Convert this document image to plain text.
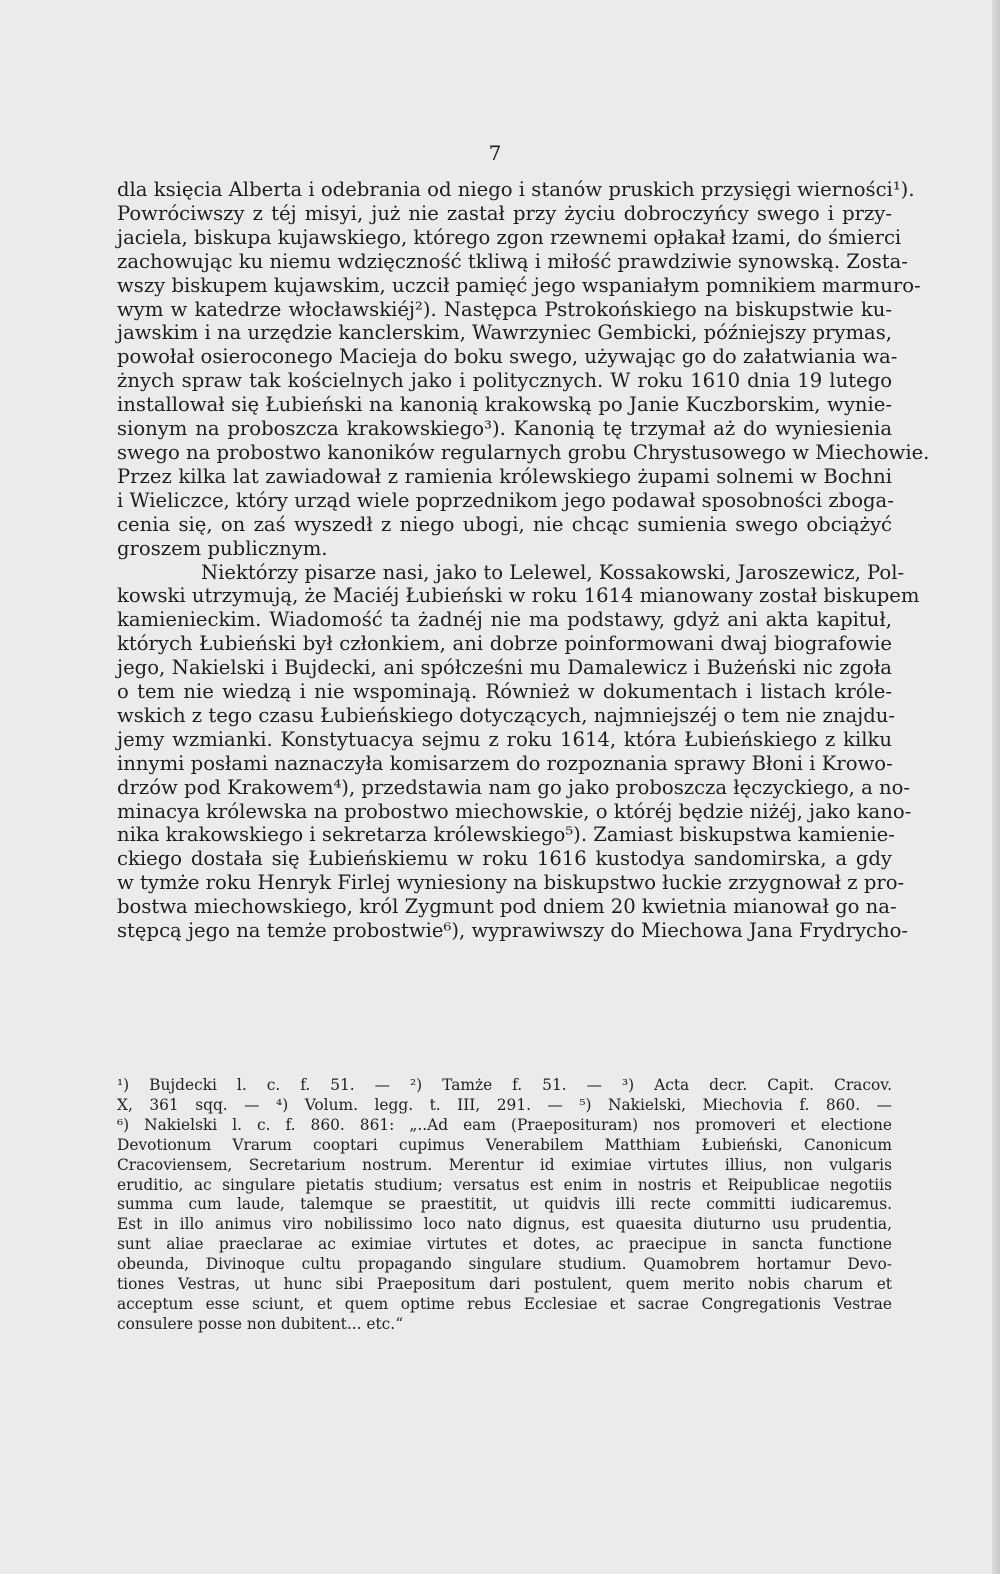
7
dla księcia Alberta i odebrania od niego i stanów pruskich przysięgi wierności¹).
Powróciwszy z téj misyi, już nie zastał przy życiu dobroczyńcy swego i przy-
jaciela, biskupa kujawskiego, którego zgon rzewnemi opłakał łzami, do śmierci
zachowując ku niemu wdzięczność tkliwą i miłość prawdziwie synowską. Zosta-
wszy biskupem kujawskim, uczcił pamięć jego wspaniałym pomnikiem marmuro-
wym w katedrze włocławskiéj²). Następca Pstrokońskiego na biskupstwie ku-
jawskim i na urzędzie kanclerskim, Wawrzyniec Gembicki, późniejszy prymas,
powołał osieroconego Macieja do boku swego, używając go do załatwiania wa-
żnych spraw tak kościelnych jako i politycznych. W roku 1610 dnia 19 lutego
installował się Łubieński na kanonią krakowską po Janie Kuczborskim, wynie-
sionym na proboszcza krakowskiego³). Kanonią tę trzymał aż do wyniesienia
swego na probostwo kanoników regularnych grobu Chrystusowego w Miechowie.
Przez kilka lat zawiadował z ramienia królewskiego żupami solnemi w Bochni
i Wieliczce, który urząd wiele poprzednikom jego podawał sposobności zboga-
cenia się, on zaś wyszedł z niego ubogi, nie chcąc sumienia swego obciążyć
groszem publicznym.
Niektórzy pisarze nasi, jako to Lelewel, Kossakowski, Jaroszewicz, Pol-
kowski utrzymują, że Maciéj Łubieński w roku 1614 mianowany został biskupem
kamienieckim. Wiadomość ta żadnéj nie ma podstawy, gdyż ani akta kapituł,
których Łubieński był członkiem, ani dobrze poinformowani dwaj biografowie
jego, Nakielski i Bujdecki, ani spółcześni mu Damalewicz i Bużeński nic zgoła
o tem nie wiedzą i nie wspominają. Również w dokumentach i listach króle-
wskich z tego czasu Łubieńskiego dotyczących, najmniejszéj o tem nie znajdu-
jemy wzmianki. Konstytuacya sejmu z roku 1614, która Łubieńskiego z kilku
innymi posłami naznaczyła komisarzem do rozpoznania sprawy Błoni i Krowo-
drzów pod Krakowem⁴), przedstawia nam go jako proboszcza łęczyckiego, a no-
minacya królewska na probostwo miechowskie, o któréj będzie niżéj, jako kano-
nika krakowskiego i sekretarza królewskiego⁵). Zamiast biskupstwa kamienie-
ckiego dostała się Łubieńskiemu w roku 1616 kustodya sandomirska, a gdy
w tymże roku Henryk Firlej wyniesiony na biskupstwo łuckie zrzygnował z pro-
bostwa miechowskiego, król Zygmunt pod dniem 20 kwietnia mianował go na-
stępcą jego na temże probostwie⁶), wyprawiwszy do Miechowa Jana Frydrycho-
¹) Bujdecki l. c. f. 51. — ²) Tamże f. 51. — ³) Acta decr. Capit. Cracov.
X, 361 sqq. — ⁴) Volum. legg. t. III, 291. — ⁵) Nakielski, Miechovia f. 860. —
⁶) Nakielski l. c. f. 860. 861: „..Ad eam (Praeposituram) nos promoveri et electione
Devotionum Vrarum cooptari cupimus Venerabilem Matthiam Łubieński, Canonicum
Cracoviensem, Secretarium nostrum. Merentur id eximiae virtutes illius, non vulgaris
eruditio, ac singulare pietatis studium; versatus est enim in nostris et Reipublicae negotiis
summa cum laude, talemque se praestitit, ut quidvis illi recte committi iudicaremus.
Est in illo animus viro nobilissimo loco nato dignus, est quaesita diuturno usu prudentia,
sunt aliae praeclarae ac eximiae virtutes et dotes, ac praecipue in sancta functione
obeunda, Divinoque cultu propagando singulare studium. Quamobrem hortamur Devo-
tiones Vestras, ut hunc sibi Praepositum dari postulent, quem merito nobis charum et
acceptum esse sciunt, et quem optime rebus Ecclesiae et sacrae Congregationis Vestrae
consulere posse non dubitent... etc.“
